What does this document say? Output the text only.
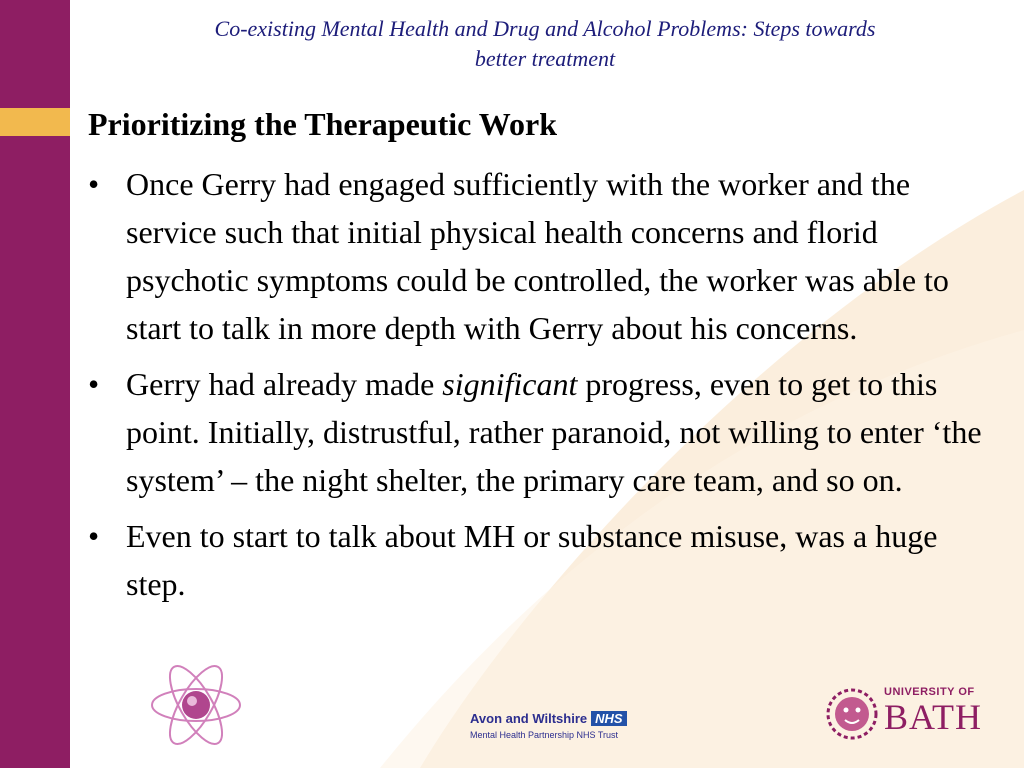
Co-existing Mental Health and Drug and Alcohol Problems: Steps towards
better treatment
Prioritizing the Therapeutic Work
• Once Gerry had engaged sufficiently with the worker and the service such that initial physical health concerns and florid psychotic symptoms could be controlled, the worker was able to start to talk in more depth with Gerry about his concerns.
• Gerry had already made significant progress, even to get to this point. Initially, distrustful, rather paranoid, not willing to enter ‘the system’ – the night shelter, the primary care team, and so on.
• Even to start to talk about MH or substance misuse, was a huge step.
Avon and Wiltshire NHS
Mental Health Partnership NHS Trust
UNIVERSITY OF
BATH
